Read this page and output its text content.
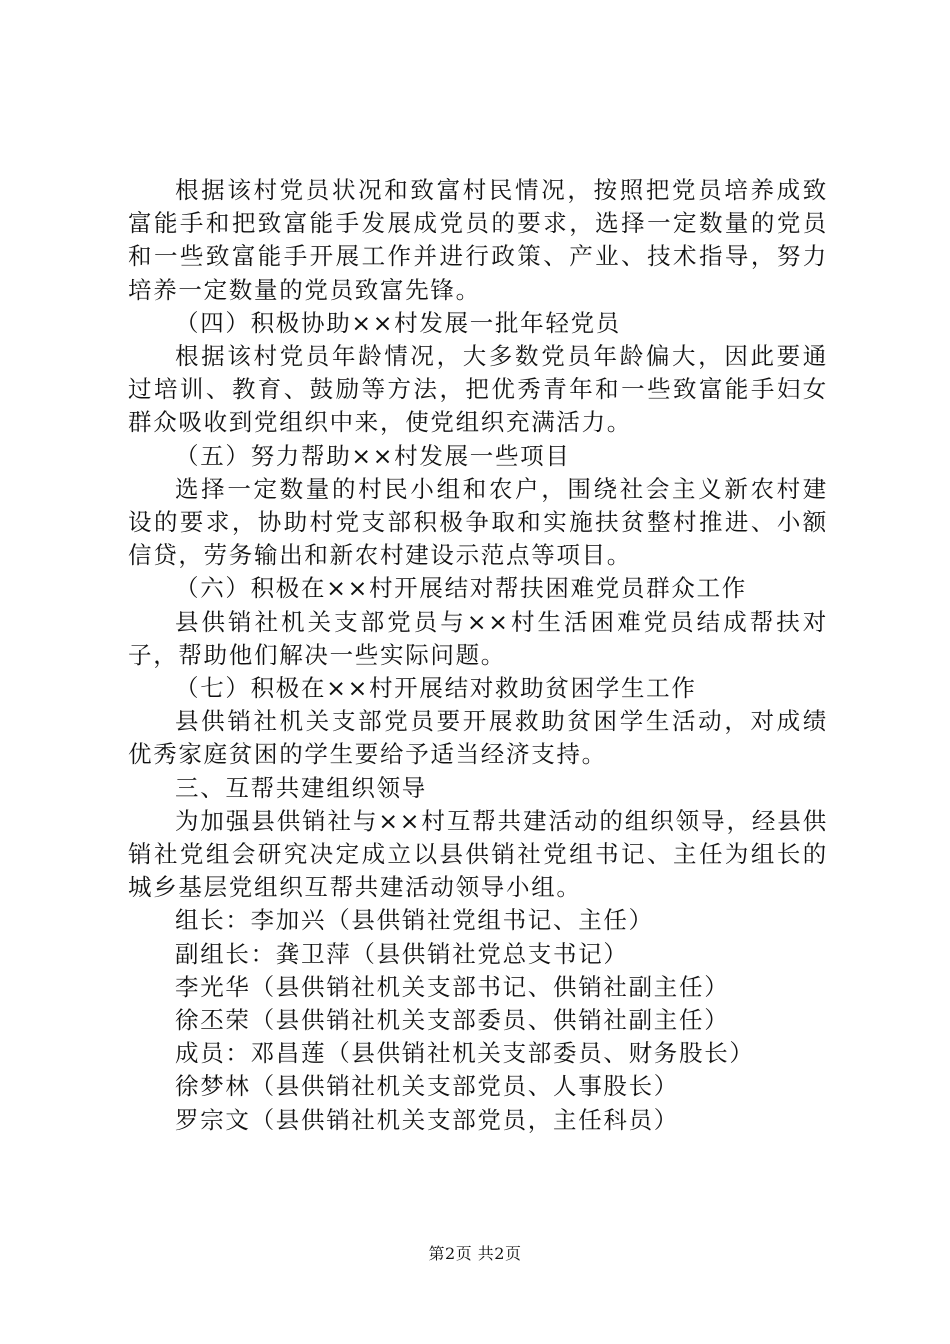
根据该村党员状况和致富村民情况，按照把党员培养成致富能手和把致富能手发展成党员的要求，选择一定数量的党员和一些致富能手开展工作并进行政策、产业、技术指导，努力培养一定数量的党员致富先锋。

（四）积极协助××村发展一批年轻党员

根据该村党员年龄情况，大多数党员年龄偏大，因此要通过培训、教育、鼓励等方法，把优秀青年和一些致富能手妇女群众吸收到党组织中来，使党组织充满活力。

（五）努力帮助××村发展一些项目

选择一定数量的村民小组和农户，围绕社会主义新农村建设的要求，协助村党支部积极争取和实施扶贫整村推进、小额信贷，劳务输出和新农村建设示范点等项目。

（六）积极在××村开展结对帮扶困难党员群众工作

县供销社机关支部党员与××村生活困难党员结成帮扶对子，帮助他们解决一些实际问题。

（七）积极在××村开展结对救助贫困学生工作

县供销社机关支部党员要开展救助贫困学生活动，对成绩优秀家庭贫困的学生要给予适当经济支持。

三、互帮共建组织领导

为加强县供销社与××村互帮共建活动的组织领导，经县供销社党组会研究决定成立以县供销社党组书记、主任为组长的城乡基层党组织互帮共建活动领导小组。

组长：李加兴（县供销社党组书记、主任）

副组长：龚卫萍（县供销社党总支书记）

李光华（县供销社机关支部书记、供销社副主任）

徐丕荣（县供销社机关支部委员、供销社副主任）

成员：邓昌莲（县供销社机关支部委员、财务股长）

徐梦林（县供销社机关支部党员、人事股长）

罗宗文（县供销社机关支部党员，主任科员）

第2页 共2页
